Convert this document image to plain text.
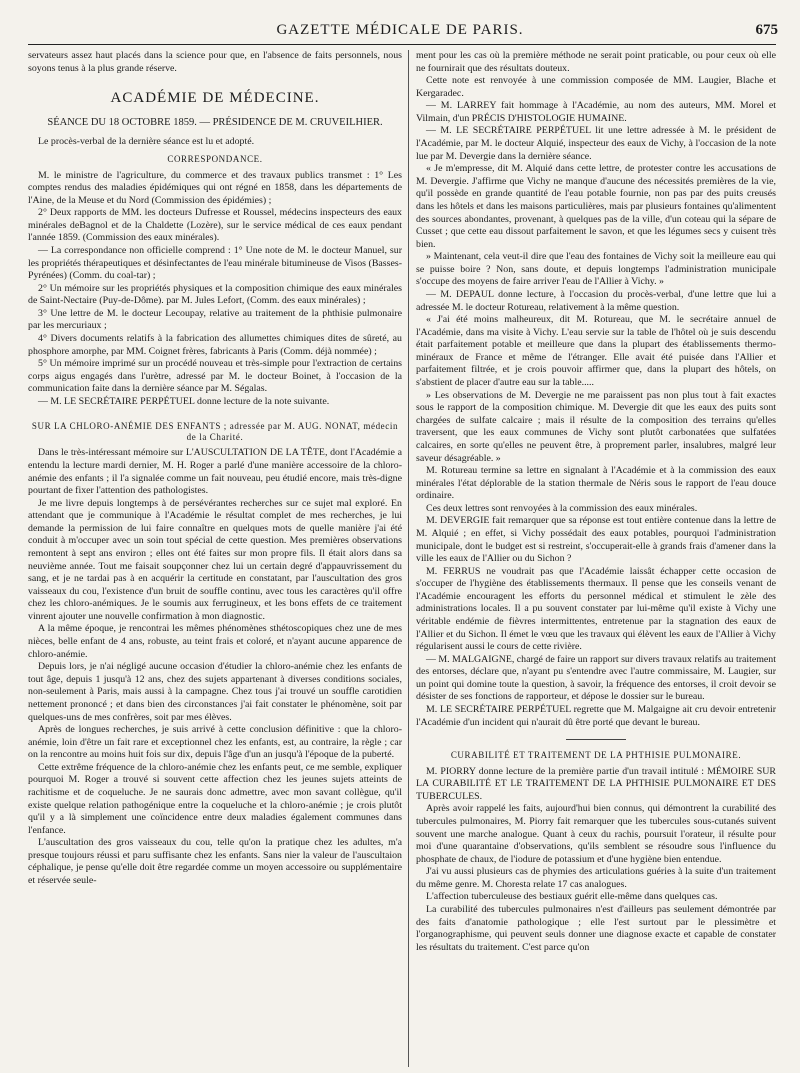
GAZETTE MÉDICALE DE PARIS.	675

servateurs assez haut placés dans la science pour que, en l'absence de faits personnels, nous soyons tenus à la plus grande réserve.

ACADÉMIE DE MÉDECINE.
SÉANCE DU 18 OCTOBRE 1859. — PRÉSIDENCE DE M. CRUVEILHIER.

Le procès-verbal de la dernière séance est lu et adopté.

CORRESPONDANCE.

M. le ministre de l'agriculture, du commerce et des travaux publics transmet : 1° Les comptes rendus des maladies épidémiques qui ont régné en 1858, dans les départements de l'Aine, de la Meuse et du Nord (Commission des épidémies) ;

2° Deux rapports de MM. les docteurs Dufresse et Roussel, médecins inspecteurs des eaux minérales deBagnol et de la Chaldette (Lozère), sur le service médical de ces eaux pendant l'année 1859. (Commission des eaux minérales).

— La correspondance non officielle comprend : 1° Une note de M. le docteur Manuel, sur les propriétés thérapeutiques et désinfectantes de l'eau minérale bitumineuse de Visos (Basses-Pyrénées) (Comm. du coal-tar) ;

2° Un mémoire sur les propriétés physiques et la composition chimique des eaux minérales de Saint-Nectaire (Puy-de-Dôme). par M. Jules Lefort, (Comm. des eaux minérales) ;

3° Une lettre de M. le docteur Lecoupay, relative au traitement de la phthisie pulmonaire par les mercuriaux ;

4° Divers documents relatifs à la fabrication des allumettes chimiques dites de sûreté, au phosphore amorphe, par MM. Coignet frères, fabricants à Paris (Comm. déjà nommée) ;

5° Un mémoire imprimé sur un procédé nouveau et très-simple pour l'extraction de certains corps aigus engagés dans l'urètre, adressé par M. le docteur Boinet, à l'occasion de la communication faite dans la dernière séance par M. Ségalas.

— M. LE SECRÉTAIRE PERPÉTUEL donne lecture de la note suivante.

SUR LA CHLORO-ANÉMIE DES ENFANTS ; adressée par M. AUG. NONAT, médecin de la Charité.

Dans le très-intéressant mémoire sur L'AUSCULTATION DE LA TÊTE, dont l'Académie a entendu la lecture mardi dernier, M. H. Roger a parlé d'une manière accessoire de la chloro-anémie des enfants ; il l'a signalée comme un fait nouveau, peu étudié encore, mais très-digne pourtant de fixer l'attention des pathologistes.

Je me livre depuis longtemps à de persévérantes recherches sur ce sujet mal exploré. En attendant que je communique à l'Académie le résultat complet de mes recherches, je lui demande la permission de lui faire connaître en quelques mots de quelle manière j'ai été conduit à m'occuper avec un soin tout spécial de cette question. Mes premières observations remontent à sept ans environ ; elles ont été faites sur mon propre fils. Il était alors dans sa neuvième année. Tout me faisait soupçonner chez lui un certain degré d'appauvrissement du sang, et je ne tardai pas à en acquérir la certitude en constatant, par l'auscultation des gros vaisseaux du cou, l'existence d'un bruit de souffle continu, avec tous les caractères qu'il offre chez les chloro-anémiques. Je le soumis aux ferrugineux, et les bons effets de ce traitement vinrent ajouter une nouvelle confirmation à mon diagnostic.

A la même époque, je rencontrai les mêmes phénomènes sthétoscopiques chez une de mes nièces, belle enfant de 4 ans, robuste, au teint frais et coloré, et n'ayant aucune apparence de chloro-anémie.

Depuis lors, je n'ai négligé aucune occasion d'étudier la chloro-anémie chez les enfants de tout âge, depuis 1 jusqu'à 12 ans, chez des sujets appartenant à diverses conditions sociales, non-seulement à Paris, mais aussi à la campagne. Chez tous j'ai trouvé un souffle carotidien nettement prononcé ; et dans bien des circonstances j'ai fait constater le phénomène, soit par quelques-uns de mes confrères, soit par mes élèves.

Après de longues recherches, je suis arrivé à cette conclusion définitive : que la chloro-anémie, loin d'être un fait rare et exceptionnel chez les enfants, est, au contraire, la règle ; car on la rencontre au moins huit fois sur dix, depuis l'âge d'un an jusqu'à l'époque de la puberté.

Cette extrême fréquence de la chloro-anémie chez les enfants peut, ce me semble, expliquer pourquoi M. Roger a trouvé si souvent cette affection chez les jeunes sujets atteints de rachitisme et de coqueluche. Je ne saurais donc admettre, avec mon savant collègue, qu'il existe quelque relation pathogénique entre la coqueluche et la chloro-anémie ; je crois plutôt qu'il y a là simplement une coïncidence entre deux maladies également communes dans l'enfance.

L'auscultation des gros vaisseaux du cou, telle qu'on la pratique chez les adultes, m'a presque toujours réussi et paru suffisante chez les enfants. Sans nier la valeur de l'auscultaion céphalique, je pense qu'elle doit être regardée comme un moyen accessoire ou supplémentaire et réservée seule-

ment pour les cas où la première méthode ne serait point praticable, ou pour ceux où elle ne fournirait que des résultats douteux.

Cette note est renvoyée à une commission composée de MM. Laugier, Blache et Kergaradec.

— M. LARREY fait hommage à l'Académie, au nom des auteurs, MM. Morel et Vilmain, d'un PRÉCIS D'HISTOLOGIE HUMAINE.

— M. LE SECRÉTAIRE PERPÉTUEL lit une lettre adressée à M. le président de l'Académie, par M. le docteur Alquié, inspecteur des eaux de Vichy, à l'occasion de la note lue par M. Devergie dans la dernière séance.

« Je m'empresse, dit M. Alquié dans cette lettre, de protester contre les accusations de M. Devergie. J'affirme que Vichy ne manque d'aucune des nécessités premières de la vie, qu'il possède en grande quantité de l'eau potable fournie, non pas par des puits creusés dans les hôtels et dans les maisons particulières, mais par plusieurs fontaines qu'alimentent des sources abondantes, provenant, à quelques pas de la ville, d'un coteau qui la sépare de Cusset ; que cette eau dissout parfaitement le savon, et que les légumes secs y cuisent très bien.

» Maintenant, cela veut-il dire que l'eau des fontaines de Vichy soit la meilleure eau qui se puisse boire ? Non, sans doute, et depuis longtemps l'administration municipale s'occupe des moyens de faire arriver l'eau de l'Allier à Vichy. »

— M. DEPAUL donne lecture, à l'occasion du procès-verbal, d'une lettre que lui a adressée M. le docteur Rotureau, relativement à la même question.

« J'ai été moins malheureux, dit M. Rotureau, que M. le secrétaire annuel de l'Académie, dans ma visite à Vichy. L'eau servie sur la table de l'hôtel où je suis descendu était parfaitement potable et meilleure que dans la plupart des établissements thermo-minéraux de France et même de l'étranger. Elle avait été puisée dans l'Allier et parfaitement filtrée, et je crois pouvoir affirmer que, dans la plupart des hôtels, on s'abstient de placer d'autre eau sur la table.....

» Les observations de M. Devergie ne me paraissent pas non plus tout à fait exactes sous le rapport de la composition chimique. M. Devergie dit que les eaux des puits sont chargées de sulfate calcaire ; mais il résulte de la composition des terrains qu'elles traversent, que les eaux communes de Vichy sont plutôt carbonatées que sulfatées calcaires, en sorte qu'elles ne peuvent être, à proprement parler, insalubres, malgré leur saveur désagréable. »

M. Rotureau termine sa lettre en signalant à l'Académie et à la commission des eaux minérales l'état déplorable de la station thermale de Néris sous le rapport de l'eau douce ordinaire.

Ces deux lettres sont renvoyées à la commission des eaux minérales.

M. DEVERGIE fait remarquer que sa réponse est tout entière contenue dans la lettre de M. Alquié ; en effet, si Vichy possédait des eaux potables, pourquoi l'administration municipale, dont le budget est si restreint, s'occuperait-elle à grands frais d'amener dans la ville les eaux de l'Allier ou du Sichon ?

M. FERRUS ne voudrait pas que l'Académie laissât échapper cette occasion de s'occuper de l'hygiène des établissements thermaux. Il pense que les conseils venant de l'Académie encouragent les efforts du personnel médical et stimulent le zèle des administrations locales. Il a pu souvent constater par lui-même qu'il existe à Vichy une véritable endémie de fièvres intermittentes, entretenue par la stagnation des eaux de l'Allier et du Sichon. Il émet le vœu que les travaux qui élèvent les eaux de l'Allier à Vichy régularisent aussi le cours de cette rivière.

— M. MALGAIGNE, chargé de faire un rapport sur divers travaux relatifs au traitement des entorses, déclare que, n'ayant pu s'entendre avec l'autre commissaire, M. Laugier, sur un point qui domine toute la question, à savoir, la fréquence des entorses, il croit devoir se désister de ses fonctions de rapporteur, et dépose le dossier sur le bureau.

M. LE SECRÉTAIRE PERPÉTUEL regrette que M. Malgaigne ait cru devoir entretenir l'Académie d'un incident qui n'aurait dû être porté que devant le bureau.

CURABILITÉ ET TRAITEMENT DE LA PHTHISIE PULMONAIRE.

M. PIORRY donne lecture de la première partie d'un travail intitulé : MÉMOIRE SUR LA CURABILITÉ ET LE TRAITEMENT DE LA PHTHISIE PULMONAIRE ET DES TUBERCULES.

Après avoir rappelé les faits, aujourd'hui bien connus, qui démontrent la curabilité des tubercules pulmonaires, M. Piorry fait remarquer que les tubercules sous-cutanés suivent souvent une marche analogue. Quant à ceux du rachis, poursuit l'orateur, il résulte pour moi d'une quarantaine d'observations, qu'ils semblent se résoudre sous l'influence du phosphate de chaux, de l'iodure de potassium et d'une hygiène bien entendue.

J'ai vu aussi plusieurs cas de phymies des articulations guéries à la suite d'un traitement du même genre. M. Choresta relate 17 cas analogues.

L'affection tuberculeuse des bestiaux guérit elle-même dans quelques cas.

La curabilité des tubercules pulmonaires n'est d'ailleurs pas seulement démontrée par des faits d'anatomie pathologique ; elle l'est surtout par le plessimètre et l'organographisme, qui peuvent seuls donner une diagnose exacte et capable de constater les résultats du traitement. C'est parce qu'on
